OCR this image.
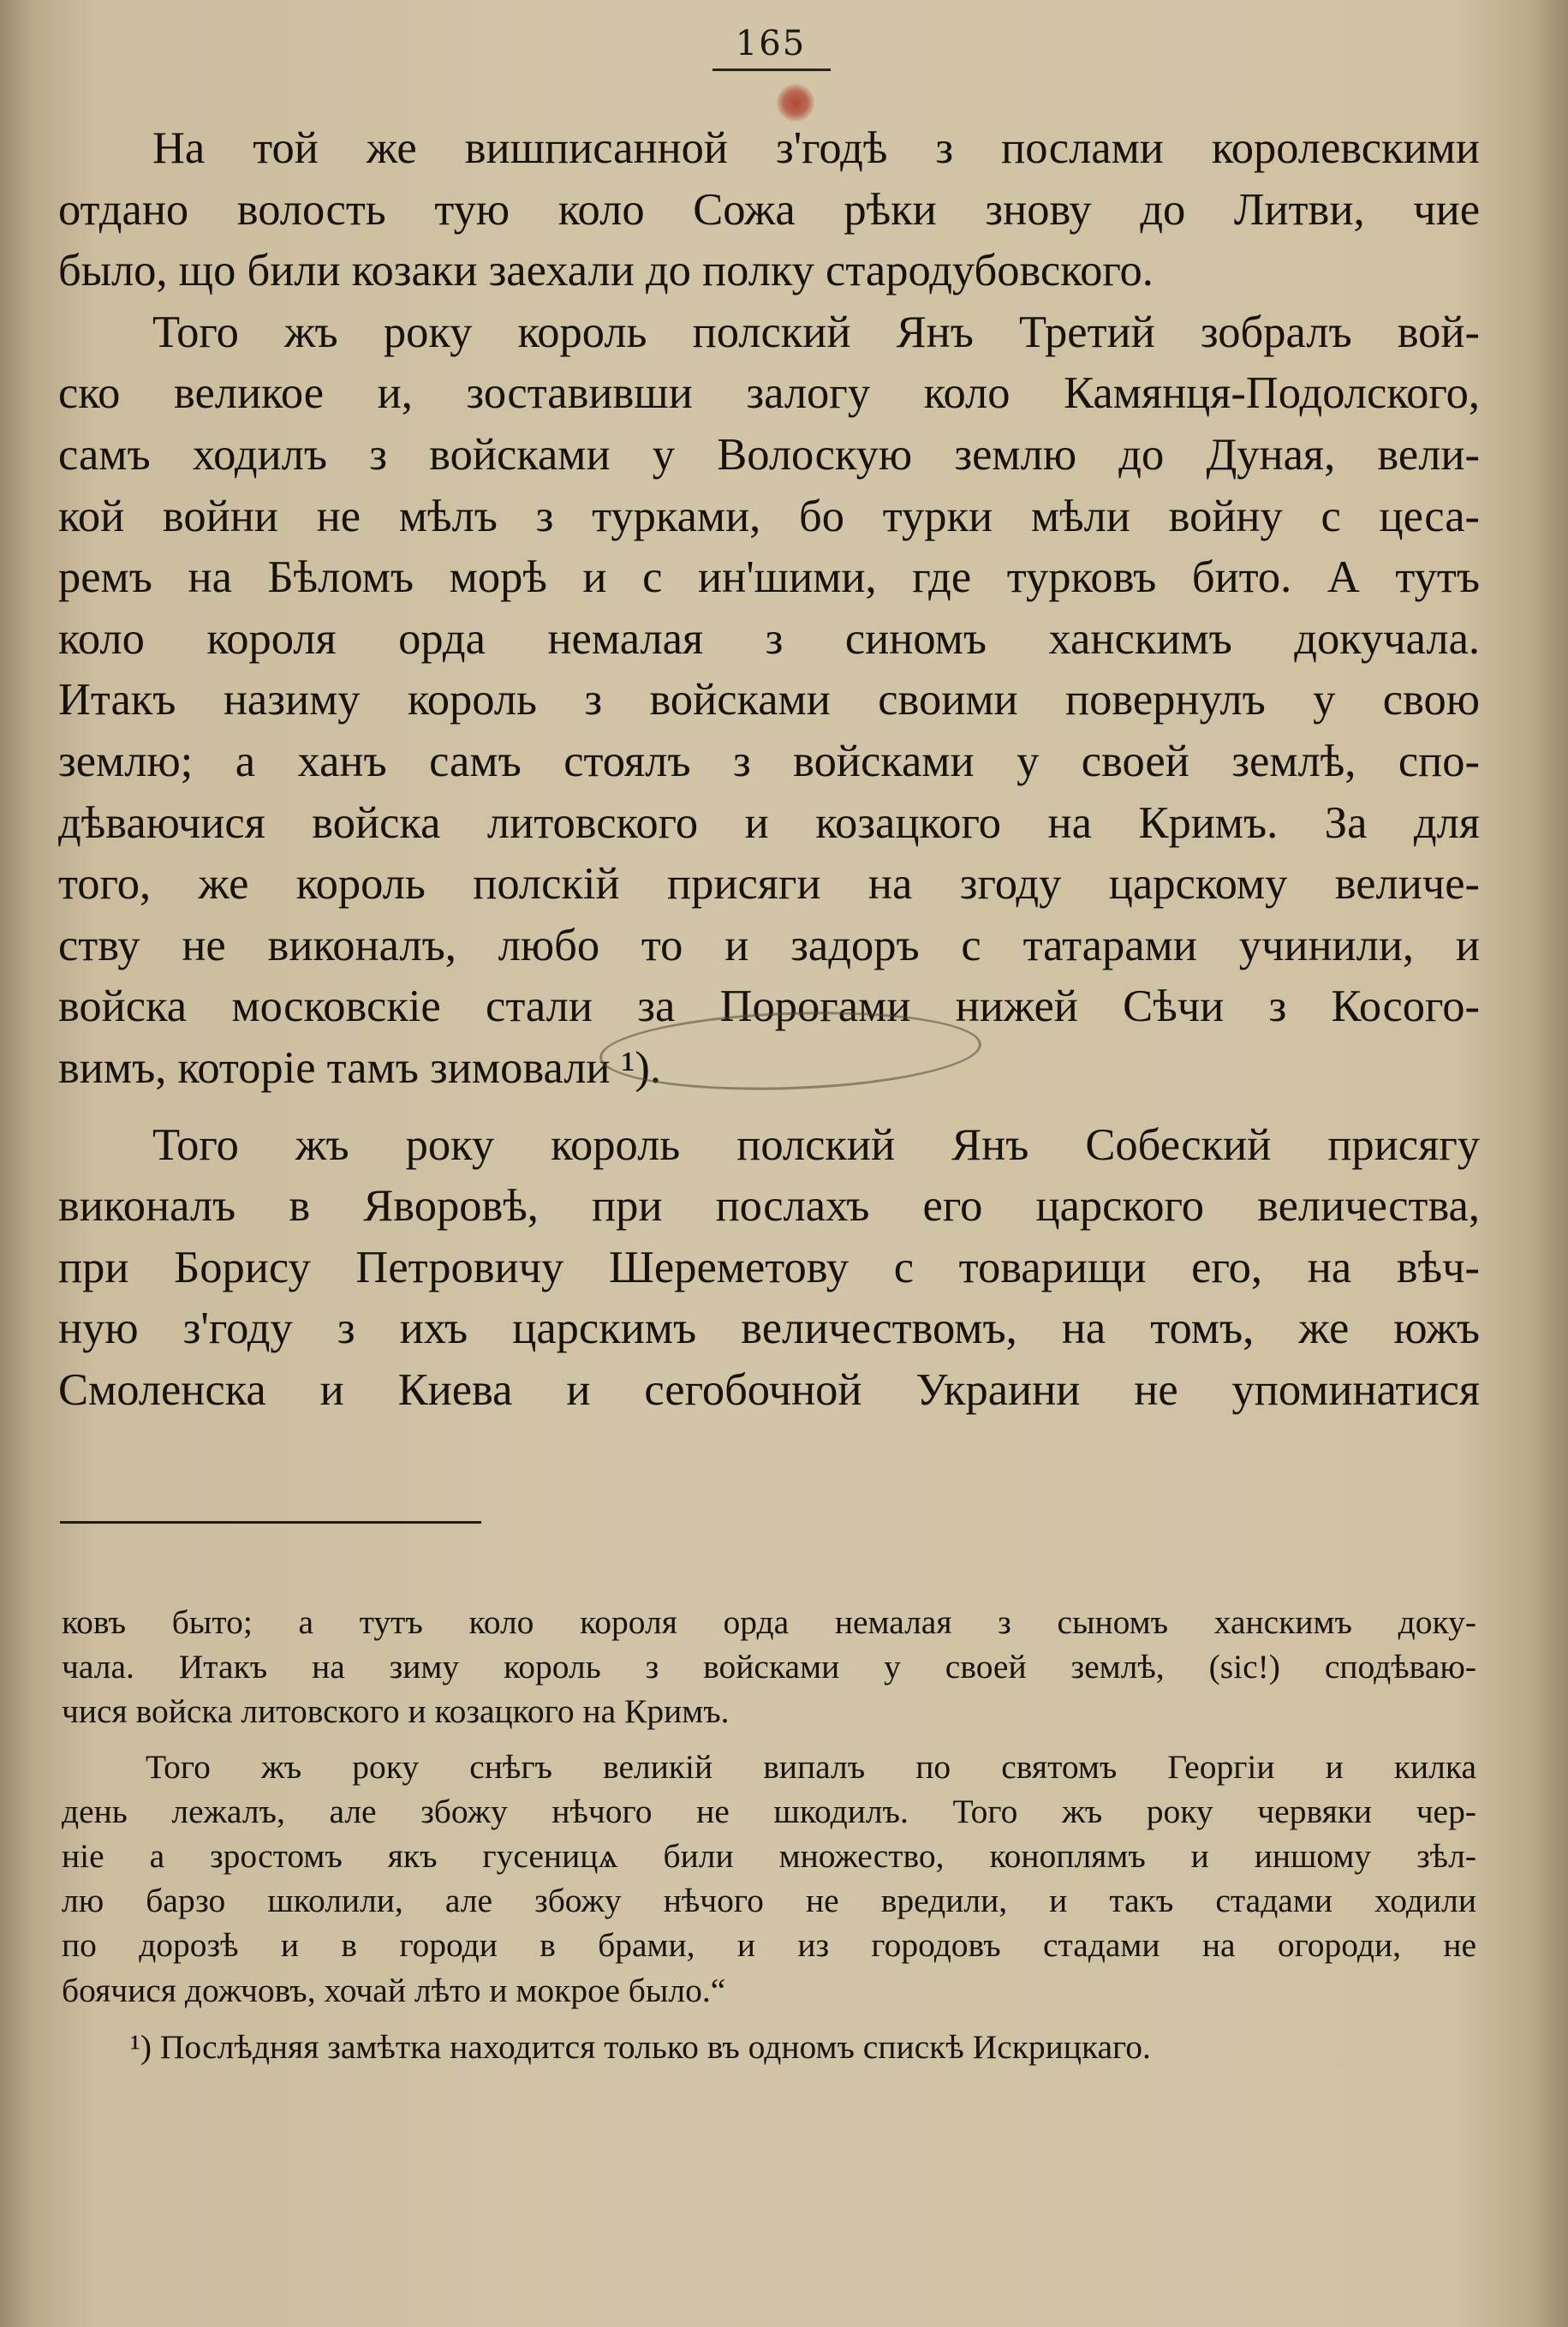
165

На той же вишписанной з'годѣ з послами королевскими
отдано волость тую коло Сожа рѣки знову до Литви, чие
было, що били козаки заехали до полку стародубовского.

Того жъ року король полский Янъ Третий зобралъ вой-
ско великое и, зоставивши залогу коло Камянця-Подолского,
самъ ходилъ з войсками у Волоскую землю до Дуная, вели-
кой войни не мѣлъ з турками, бо турки мѣли войну с цеса-
ремъ на Бѣломъ морѣ и с ин'шими, где турковъ бито. А тутъ
коло короля орда немалая з синомъ ханскимъ докучала.
Итакъ назиму король з войсками своими повернулъ у свою
землю; а ханъ самъ стоялъ з войсками у своей землѣ, спо-
дѣваючися войска литовского и козацкого на Кримъ. За для
того, же король полскій присяги на згоду царскому величе-
ству не виконалъ, любо то и задоръ с татарами учинили, и
войска московскіе стали за Порогами нижей Сѣчи з Косого-
вимъ, которіе тамъ зимовали ¹).

Того жъ року король полский Янъ Собеский присягу
виконалъ в Яворовѣ, при послахъ его царского величества,
при Борису Петровичу Шереметову с товарищи его, на вѣч-
ную з'году з ихъ царскимъ величествомъ, на томъ, же южъ
Смоленска и Киева и сегобочной Украини не упоминатися

ковъ быто; а тутъ коло короля орда немалая з сыномъ ханскимъ доку-
чала. Итакъ на зиму король з войсками у своей землѣ, (sic!) сподѣваю-
чися войска литовского и козацкого на Кримъ.
Того жъ року снѣгъ великій випалъ по святомъ Георгіи и килка
день лежалъ, але збожу нѣчого не шкодилъ. Того жъ року червяки чер-
ніе а зростомъ якъ гусеницѧ били множество, коноплямъ и иншому зѣл-
лю барзо школили, але збожу нѣчого не вредили, и такъ стадами ходили
по дорозѣ и в городи в брами, и из городовъ стадами на огороди, не
боячися дожчовъ, хочай лѣто и мокрое было.“
¹) Послѣдняя замѣтка находится только въ одномъ спискѣ Искрицкаго.
